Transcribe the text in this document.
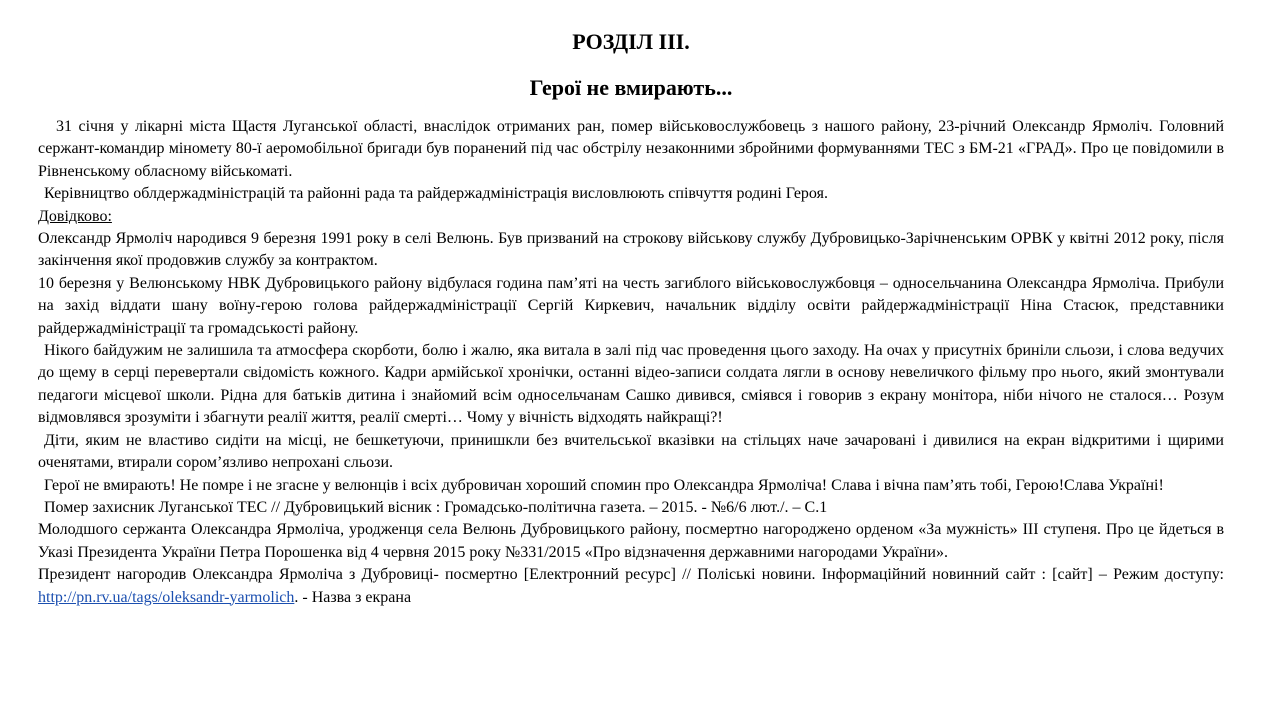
РОЗДІЛ ІІІ.

Герої не вмирають...

31 січня у лікарні міста Щастя Луганської області, внаслідок отриманих ран, помер військовослужбовець з нашого району, 23-річний Олександр Ярмоліч. Головний сержант-командир міномету 80-ї аеромобільної бригади був поранений під час обстрілу незаконними збройними формуваннями ТЕС з БМ-21 «ГРАД». Про це повідомили в Рівненському обласному військоматі.

Керівництво облдержадміністрацій та районні рада та райдержадміністрація висловлюють співчуття родині Героя.

Довідково:

Олександр Ярмоліч народився 9 березня 1991 року в селі Велюнь. Був призваний на строкову військову службу Дубровицько-Зарічненським ОРВК у квітні 2012 року, після закінчення якої продовжив службу за контрактом.

10 березня у Велюнському НВК Дубровицького району відбулася година пам’яті на честь загиблого військовослужбовця – односельчанина Олександра Ярмоліча. Прибули на захід віддати шану воїну-герою голова райдержадміністрації Сергій Киркевич, начальник відділу освіти райдержадміністрації Ніна Стасюк, представники райдержадміністрації та громадськості району.

Нікого байдужим не залишила та атмосфера скорботи, болю і жалю, яка витала в залі під час проведення цього заходу. На очах у присутніх бриніли сльози, і слова ведучих до щему в серці перевертали свідомість кожного. Кадри армійської хронічки, останні відео-записи солдата лягли в основу невеличкого фільму про нього, який змонтували педагоги місцевої школи. Рідна для батьків дитина і знайомий всім односельчанам Сашко дивився, сміявся і говорив з екрану монітора, ніби нічого не сталося… Розум відмовлявся зрозуміти і збагнути реалії життя, реалії смерті… Чому у вічність відходять найкращі?!

Діти, яким не властиво сидіти на місці, не бешкетуючи, принишкли без вчительської вказівки на стільцях наче зачаровані і дивилися на екран відкритими і щирими оченятами, втирали сором’язливо непрохані сльози.

Герої не вмирають! Не помре і не згасне у велюнців і всіх дубровичан хороший спомин про Олександра Ярмоліча! Слава і вічна пам’ять тобі, Герою!Слава Україні!

Помер захисник Луганської ТЕС // Дубровицький вісник : Громадсько-політична газета. – 2015. - №6/6 лют./. – С.1

Молодшого сержанта Олександра Ярмоліча, уродженця села Велюнь Дубровицького району, посмертно нагороджено орденом «За мужність» ІІІ ступеня. Про це йдеться в Указі Президента України Петра Порошенка від 4 червня 2015 року №331/2015 «Про відзначення державними нагородами України».

Президент нагородив Олександра Ярмоліча з Дубровиці- посмертно [Електронний ресурс] // Поліські новини. Інформаційний новинний сайт : [сайт] – Режим доступу: http://pn.rv.ua/tags/oleksandr-yarmolich. - Назва з екрана
